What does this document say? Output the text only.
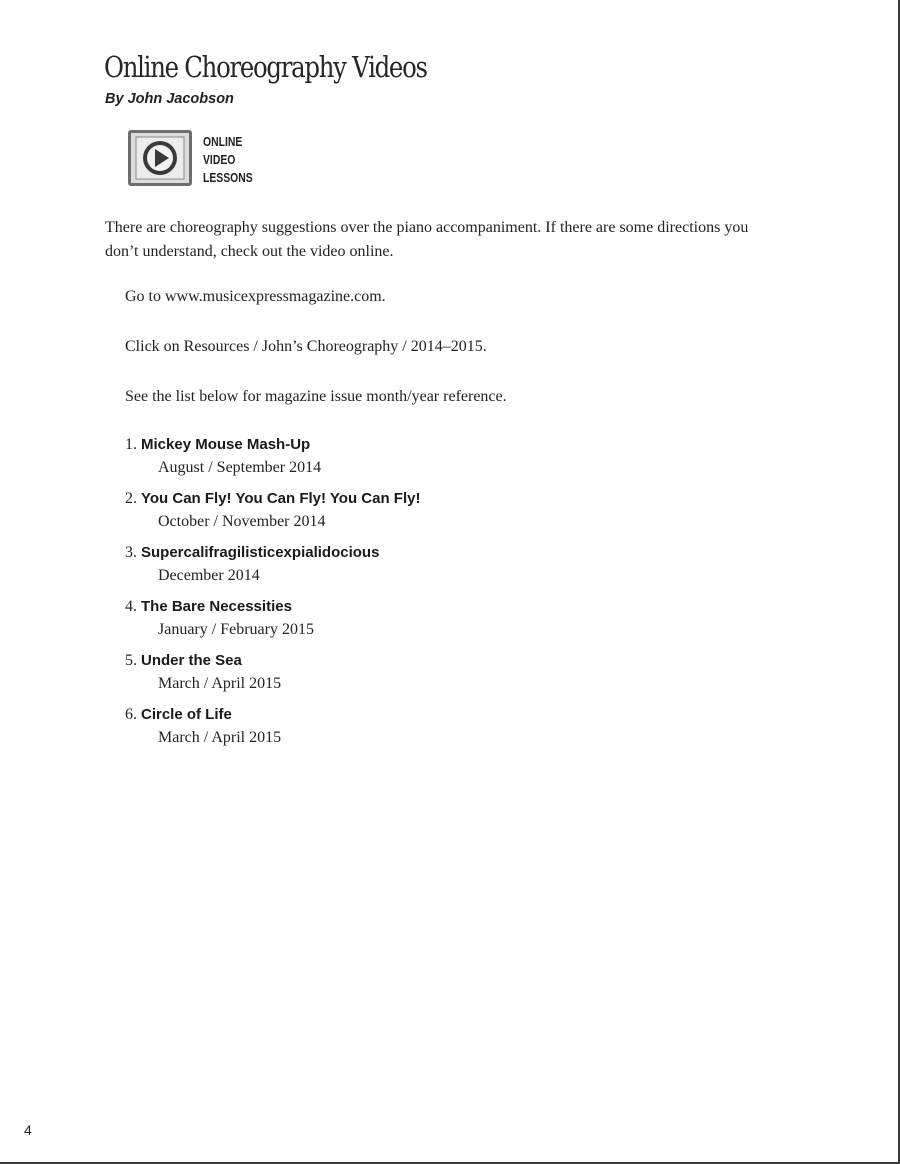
Online Choreography Videos
By John Jacobson
ONLINE
VIDEO
LESSONS

There are choreography suggestions over the piano accompaniment. If there are some directions you don’t understand, check out the video online.

Go to www.musicexpressmagazine.com.

Click on Resources / John’s Choreography / 2014–2015.

See the list below for magazine issue month/year reference.

1. Mickey Mouse Mash-Up
August / September 2014
2. You Can Fly! You Can Fly! You Can Fly!
October / November 2014
3. Supercalifragilisticexpialidocious
December 2014
4. The Bare Necessities
January / February 2015
5. Under the Sea
March / April 2015
6. Circle of Life
March / April 2015
4
